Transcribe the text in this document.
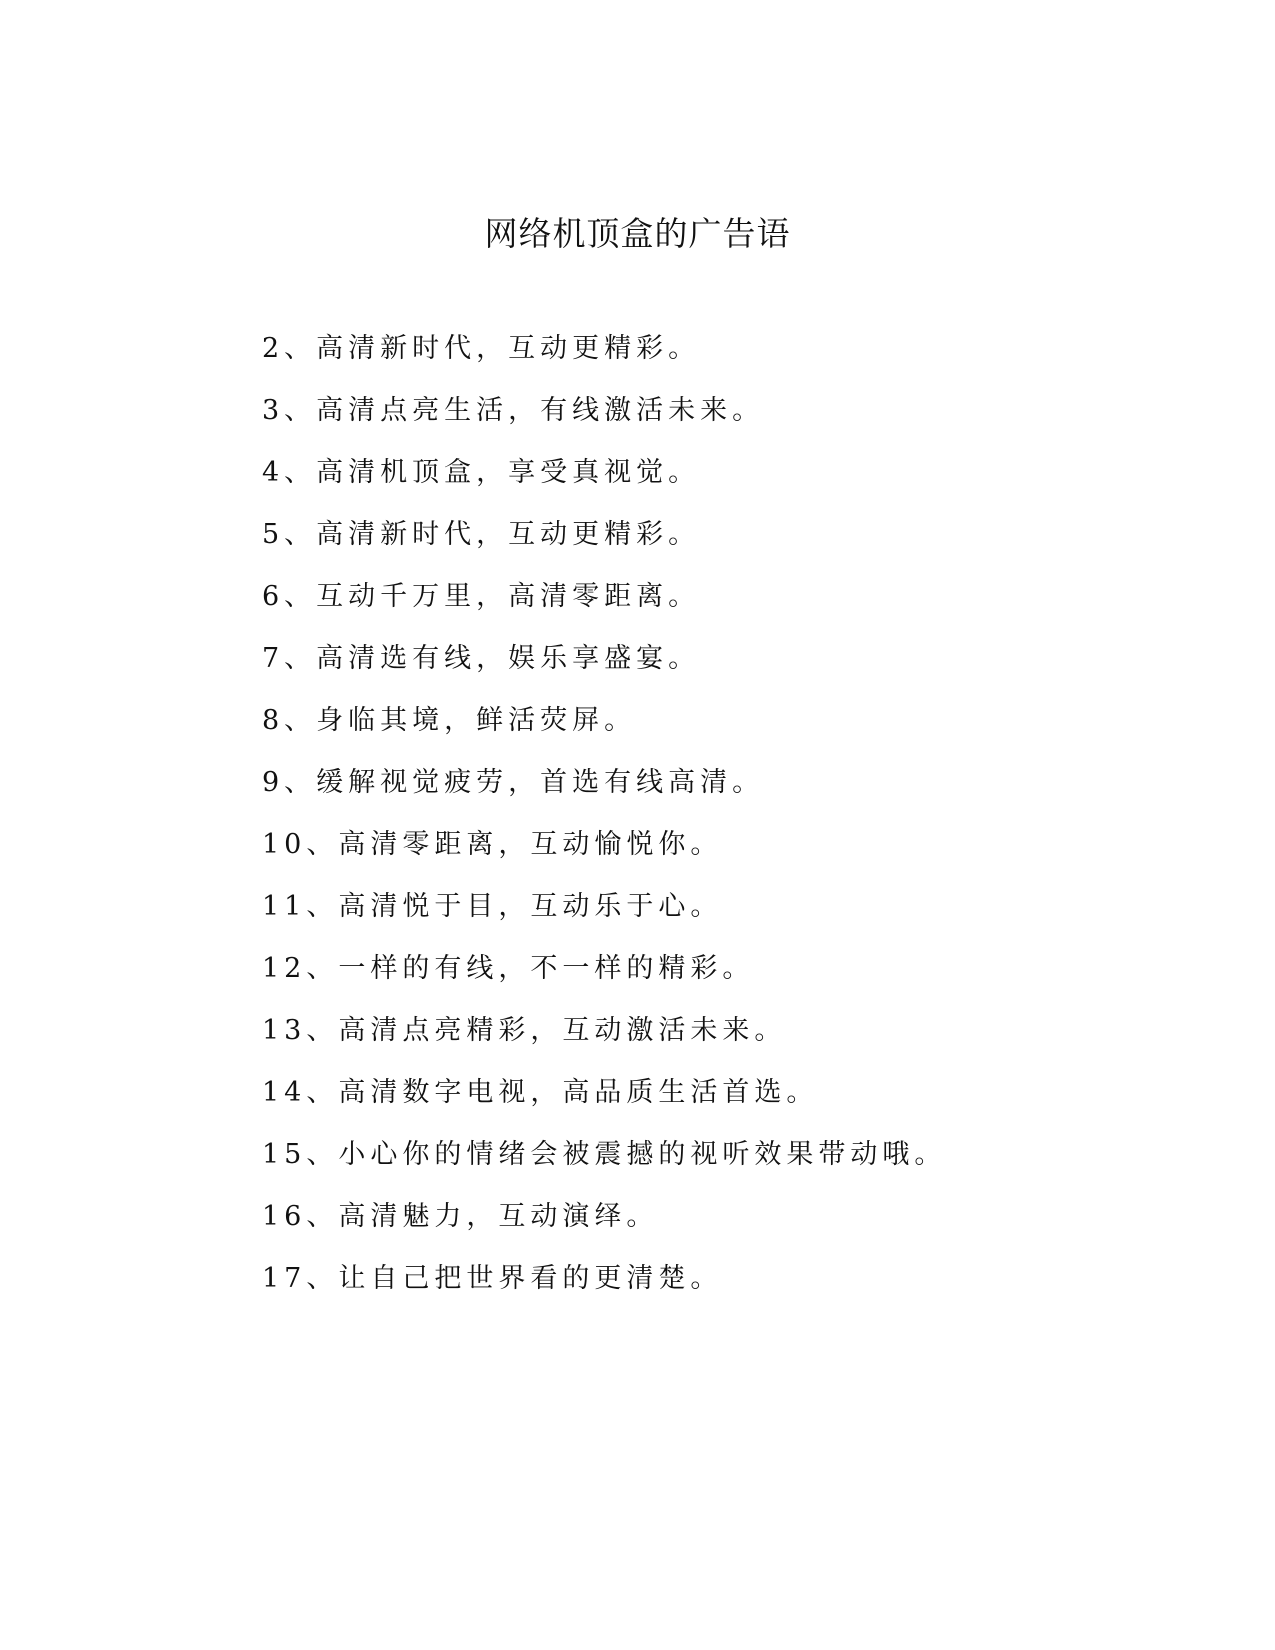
网络机顶盒的广告语
2、高清新时代，互动更精彩。
3、高清点亮生活，有线激活未来。
4、高清机顶盒，享受真视觉。
5、高清新时代，互动更精彩。
6、互动千万里，高清零距离。
7、高清选有线，娱乐享盛宴。
8、身临其境，鲜活荧屏。
9、缓解视觉疲劳，首选有线高清。
10、高清零距离，互动愉悦你。
11、高清悦于目，互动乐于心。
12、一样的有线，不一样的精彩。
13、高清点亮精彩，互动激活未来。
14、高清数字电视，高品质生活首选。
15、小心你的情绪会被震撼的视听效果带动哦。
16、高清魅力，互动演绎。
17、让自己把世界看的更清楚。
